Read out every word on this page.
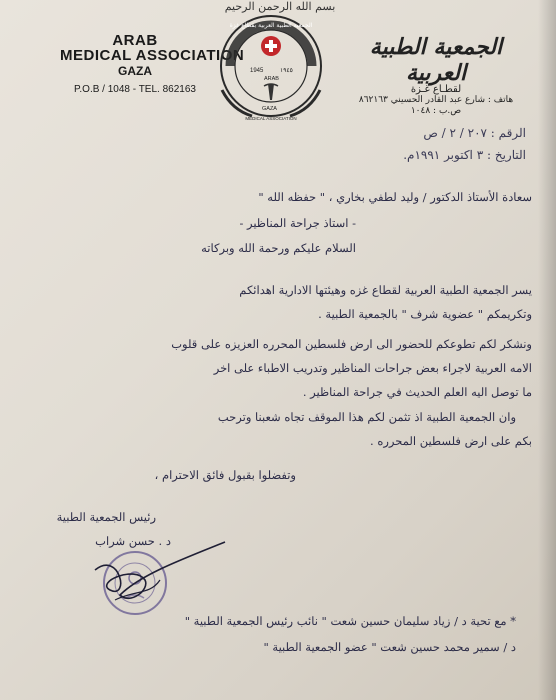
بسم الله الرحمن الرحيم
ARAB
MEDICAL ASSOCIATION
GAZA
P.O.B / 1048 - TEL. 862163
1945	١٩٤٥
ARAB
GAZA
الجمعية الطبية العربية بقطاع غزة
MEDICAL ASSOCIATION
الجمعية الطبية العربية
لقطـاع غـزة
هاتف : شارع عبد القادر الحسيني ٨٦٢١٦٣
ص.ب : ١٠٤٨
الرقم : ٢٠٧ / ٢ / ص
التاريخ : ٣ اكتوبر ١٩٩١م.
سعادة الأستاذ الدكتور / وليد لطفي بخاري ، " حفظه الله "
- استاذ جراحة المناظير -
السلام عليكم ورحمة الله وبركاته
يسر الجمعية الطبية العربية لقطاع غزه وهيئتها الادارية اهدائكم
وتكريمكم " عضوية شرف " بالجمعية الطبية .
ونشكر لكم تطوعكم للحضور الى ارض فلسطين المحرره العزيزه على قلوب
الامه العربية لاجراء بعض جراحات المناظير وتدريب الاطباء على اخر
ما توصل اليه العلم الحديث في جراحة المناظير .
وان الجمعية الطبية اذ تثمن لكم هذا الموقف تجاه شعبنا وترحب
بكم على ارض فلسطين المحرره .
وتفضلوا بقبول فائق الاحترام ،
رئيس الجمعية الطبية
د . حسن شراب
* مع تحية د / زياد سليمان حسين شعت " نائب رئيس الجمعية الطبية "
د / سمير محمد حسين شعت " عضو الجمعية الطبية "
